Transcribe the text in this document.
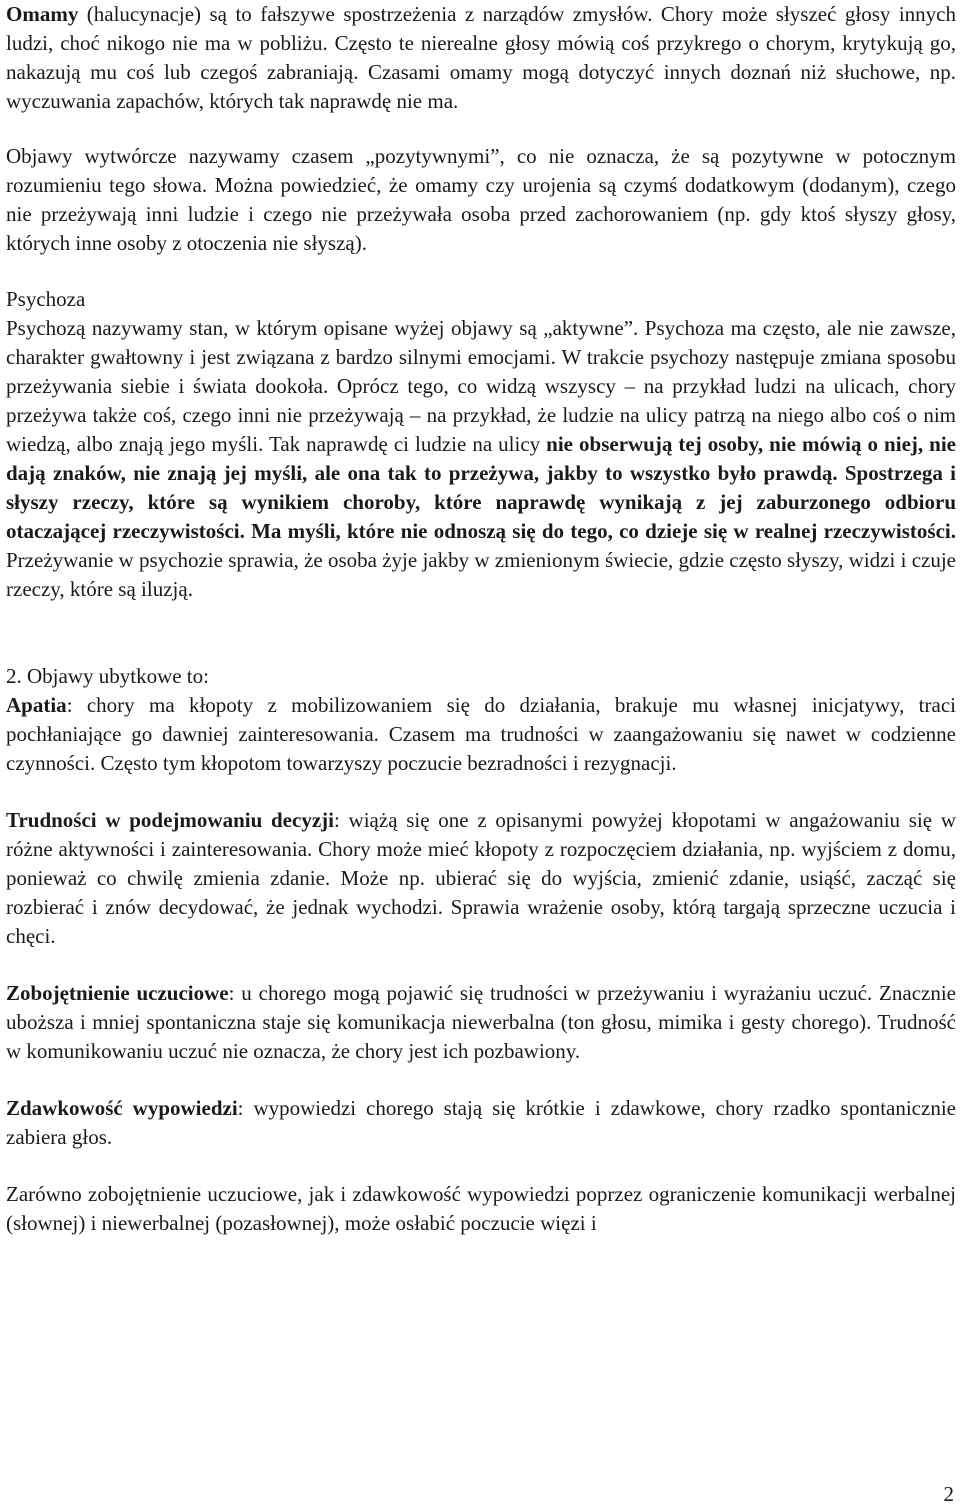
Omamy (halucynacje) są to fałszywe spostrzeżenia z narządów zmysłów. Chory może słyszeć głosy innych ludzi, choć nikogo nie ma w pobliżu. Często te nierealne głosy mówią coś przykrego o chorym, krytykują go, nakazują mu coś lub czegoś zabraniają. Czasami omamy mogą dotyczyć innych doznań niż słuchowe, np. wyczuwania zapachów, których tak naprawdę nie ma.

Objawy wytwórcze nazywamy czasem „pozytywnymi”, co nie oznacza, że są pozytywne w potocznym rozumieniu tego słowa. Można powiedzieć, że omamy czy urojenia są czymś dodatkowym (dodanym), czego nie przeżywają inni ludzie i czego nie przeżywała osoba przed zachorowaniem (np. gdy ktoś słyszy głosy, których inne osoby z otoczenia nie słyszą).

Psychoza

Psychozą nazywamy stan, w którym opisane wyżej objawy są „aktywne”. Psychoza ma często, ale nie zawsze, charakter gwałtowny i jest związana z bardzo silnymi emocjami. W trakcie psychozy następuje zmiana sposobu przeżywania siebie i świata dookoła. Oprócz tego, co widzą wszyscy – na przykład ludzi na ulicach, chory przeżywa także coś, czego inni nie przeżywają – na przykład, że ludzie na ulicy patrzą na niego albo coś o nim wiedzą, albo znają jego myśli. Tak naprawdę ci ludzie na ulicy nie obserwują tej osoby, nie mówią o niej, nie dają znaków, nie znają jej myśli, ale ona tak to przeżywa, jakby to wszystko było prawdą. Spostrzega i słyszy rzeczy, które są wynikiem choroby, które naprawdę wynikają z jej zaburzonego odbioru otaczającej rzeczywistości. Ma myśli, które nie odnoszą się do tego, co dzieje się w realnej rzeczywistości. Przeżywanie w psychozie sprawia, że osoba żyje jakby w zmienionym świecie, gdzie często słyszy, widzi i czuje rzeczy, które są iluzją.

2. Objawy ubytkowe to:

Apatia: chory ma kłopoty z mobilizowaniem się do działania, brakuje mu własnej inicjatywy, traci pochłaniające go dawniej zainteresowania. Czasem ma trudności w zaangażowaniu się nawet w codzienne czynności. Często tym kłopotom towarzyszy poczucie bezradności i rezygnacji.

Trudności w podejmowaniu decyzji: wiążą się one z opisanymi powyżej kłopotami w angażowaniu się w różne aktywności i zainteresowania. Chory może mieć kłopoty z rozpoczęciem działania, np. wyjściem z domu, ponieważ co chwilę zmienia zdanie. Może np. ubierać się do wyjścia, zmienić zdanie, usiąść, zacząć się rozbierać i znów decydować, że jednak wychodzi. Sprawia wrażenie osoby, którą targają sprzeczne uczucia i chęci.

Zobojętnienie uczuciowe: u chorego mogą pojawić się trudności w przeżywaniu i wyrażaniu uczuć. Znacznie uboższa i mniej spontaniczna staje się komunikacja niewerbalna (ton głosu, mimika i gesty chorego). Trudność w komunikowaniu uczuć nie oznacza, że chory jest ich pozbawiony.

Zdawkowość wypowiedzi: wypowiedzi chorego stają się krótkie i zdawkowe, chory rzadko spontanicznie zabiera głos.

Zarówno zobojętnienie uczuciowe, jak i zdawkowość wypowiedzi poprzez ograniczenie komunikacji werbalnej (słownej) i niewerbalnej (pozasłownej), może osłabić poczucie więzi i

2
